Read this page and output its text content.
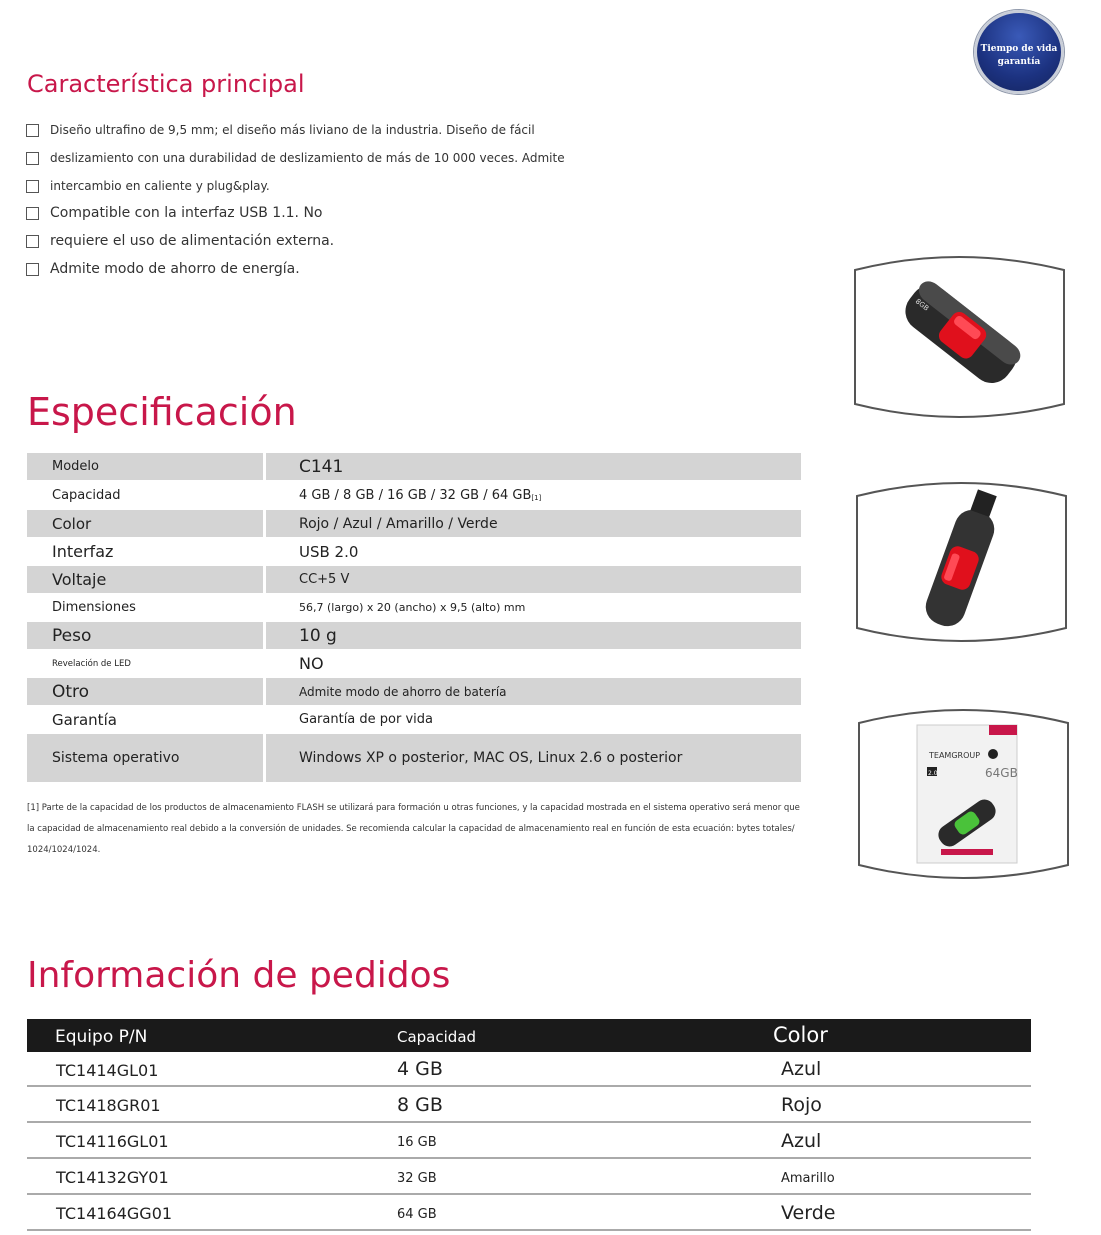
Tiempo de vida
garantía
Característica principal
Diseño ultrafino de 9,5 mm; el diseño más liviano de la industria. Diseño de fácil
deslizamiento con una durabilidad de deslizamiento de más de 10 000 veces. Admite
intercambio en caliente y plug&play.
Compatible con la interfaz USB 1.1. No
requiere el uso de alimentación externa.
Admite modo de ahorro de energía.
Especificación
Modelo	C141
Capacidad	4 GB / 8 GB / 16 GB / 32 GB / 64 GB [1]
Color	Rojo / Azul / Amarillo / Verde
Interfaz	USB 2.0
Voltaje	CC+5 V
Dimensiones	56,7 (largo) x 20 (ancho) x 9,5 (alto) mm
Peso	10 g
Revelación de LED	NO
Otro	Admite modo de ahorro de batería
Garantía	Garantía de por vida
Sistema operativo	Windows XP o posterior, MAC OS, Linux 2.6 o posterior
[1] Parte de la capacidad de los productos de almacenamiento FLASH se utilizará para formación u otras funciones, y la capacidad mostrada en el sistema operativo será menor que la capacidad de almacenamiento real debido a la conversión de unidades. Se recomienda calcular la capacidad de almacenamiento real en función de esta ecuación: bytes totales/ 1024/1024/1024.
8GB
TEAMGROUP
2.0	64GB
Información de pedidos
Equipo P/N	Capacidad	Color
TC1414GL01	4 GB	Azul
TC1418GR01	8 GB	Rojo
TC14116GL01	16 GB	Azul
TC14132GY01	32 GB	Amarillo
TC14164GG01	64 GB	Verde
